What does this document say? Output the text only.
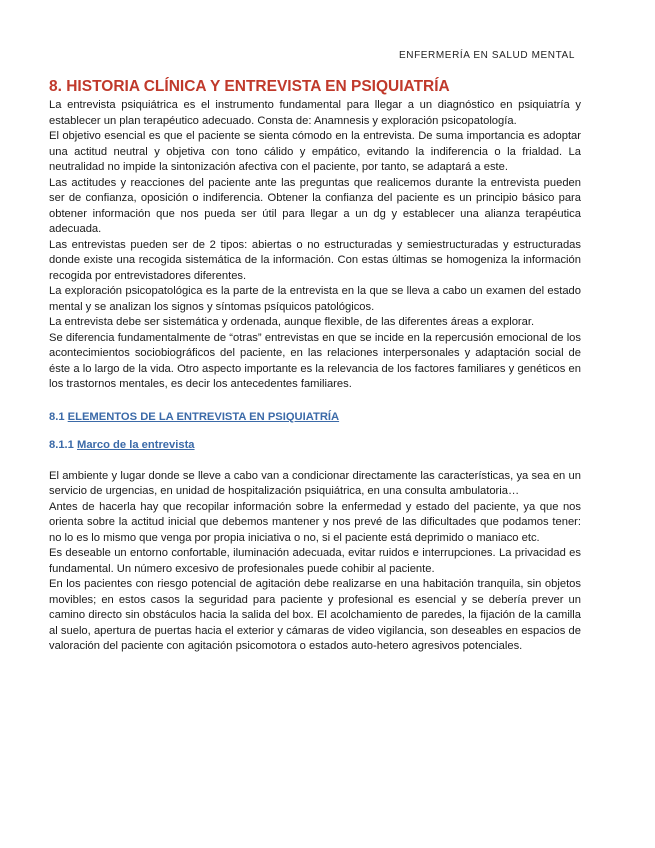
ENFERMERÍA EN SALUD MENTAL
8. HISTORIA CLÍNICA Y ENTREVISTA EN PSIQUIATRÍA

La entrevista psiquiátrica es el instrumento fundamental para llegar a un diagnóstico en psiquiatría y establecer un plan terapéutico adecuado. Consta de: Anamnesis y exploración psicopatología.

El objetivo esencial es que el paciente se sienta cómodo en la entrevista. De suma importancia es adoptar una actitud neutral y objetiva con tono cálido y empático, evitando la indiferencia o la frialdad. La neutralidad no impide la sintonización afectiva con el paciente, por tanto, se adaptará a este.

Las actitudes y reacciones del paciente ante las preguntas que realicemos durante la entrevista pueden ser de confianza, oposición o indiferencia. Obtener la confianza del paciente es un principio básico para obtener información que nos pueda ser útil para llegar a un dg y establecer una alianza terapéutica adecuada.

Las entrevistas pueden ser de 2 tipos: abiertas o no estructuradas y semiestructuradas y estructuradas donde existe una recogida sistemática de la información. Con estas últimas se homogeniza la información recogida por entrevistadores diferentes.

La exploración psicopatológica es la parte de la entrevista en la que se lleva a cabo un examen del estado mental y se analizan los signos y síntomas psíquicos patológicos.

La entrevista debe ser sistemática y ordenada, aunque flexible, de las diferentes áreas a explorar.

Se diferencia fundamentalmente de “otras” entrevistas en que se incide en la repercusión emocional de los acontecimientos sociobiográficos del paciente, en las relaciones interpersonales y adaptación social de éste a lo largo de la vida. Otro aspecto importante es la relevancia de los factores familiares y genéticos en los trastornos mentales, es decir los antecedentes familiares.

8.1 ELEMENTOS DE LA ENTREVISTA EN PSIQUIATRÍA
8.1.1 Marco de la entrevista

El ambiente y lugar donde se lleve a cabo van a condicionar directamente las características, ya sea en un servicio de urgencias, en unidad de hospitalización psiquiátrica, en una consulta ambulatoria…

Antes de hacerla hay que recopilar información sobre la enfermedad y estado del paciente, ya que nos orienta sobre la actitud inicial que debemos mantener y nos prevé de las dificultades que podamos tener: no lo es lo mismo que venga por propia iniciativa o no, si el paciente está deprimido o maniaco etc.

Es deseable un entorno confortable, iluminación adecuada, evitar ruidos e interrupciones. La privacidad es fundamental. Un número excesivo de profesionales puede cohibir al paciente.

En los pacientes con riesgo potencial de agitación debe realizarse en una habitación tranquila, sin objetos movibles; en estos casos la seguridad para paciente y profesional es esencial y se debería prever un camino directo sin obstáculos hacia la salida del box. El acolchamiento de paredes, la fijación de la camilla al suelo, apertura de puertas hacia el exterior y cámaras de video vigilancia, son deseables en espacios de valoración del paciente con agitación psicomotora o estados auto-hetero agresivos potenciales.
